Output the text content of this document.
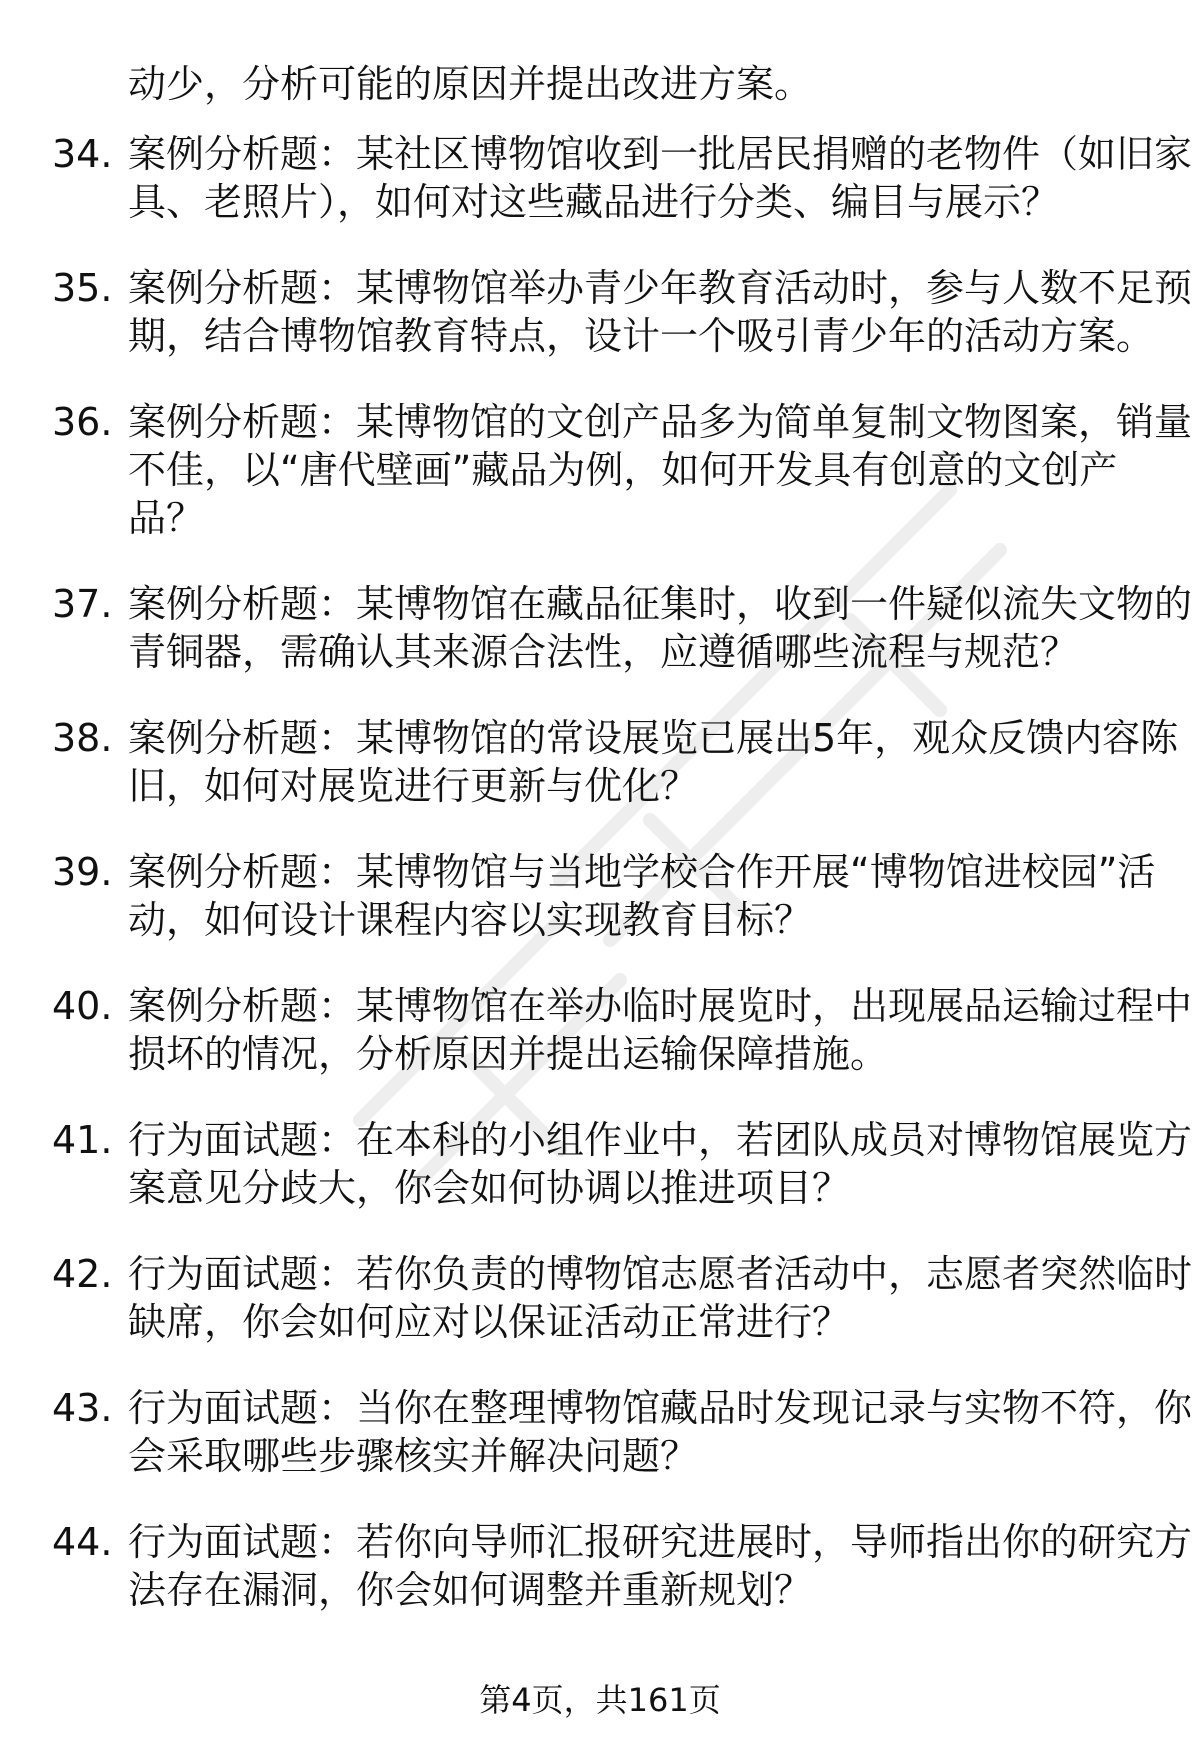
动少，分析可能的原因并提出改进方案。
34. 案例分析题：某社区博物馆收到一批居民捐赠的老物件（如旧家
具、老照片），如何对这些藏品进行分类、编目与展示？
35. 案例分析题：某博物馆举办青少年教育活动时，参与人数不足预
期，结合博物馆教育特点，设计一个吸引青少年的活动方案。
36. 案例分析题：某博物馆的文创产品多为简单复制文物图案，销量
不佳，以“唐代壁画”藏品为例，如何开发具有创意的文创产
品？
37. 案例分析题：某博物馆在藏品征集时，收到一件疑似流失文物的
青铜器，需确认其来源合法性，应遵循哪些流程与规范？
38. 案例分析题：某博物馆的常设展览已展出5年，观众反馈内容陈
旧，如何对展览进行更新与优化？
39. 案例分析题：某博物馆与当地学校合作开展“博物馆进校园”活
动，如何设计课程内容以实现教育目标？
40. 案例分析题：某博物馆在举办临时展览时，出现展品运输过程中
损坏的情况，分析原因并提出运输保障措施。
41. 行为面试题：在本科的小组作业中，若团队成员对博物馆展览方
案意见分歧大，你会如何协调以推进项目？
42. 行为面试题：若你负责的博物馆志愿者活动中，志愿者突然临时
缺席，你会如何应对以保证活动正常进行？
43. 行为面试题：当你在整理博物馆藏品时发现记录与实物不符，你
会采取哪些步骤核实并解决问题？
44. 行为面试题：若你向导师汇报研究进展时，导师指出你的研究方
法存在漏洞，你会如何调整并重新规划？
第4页，共161页
